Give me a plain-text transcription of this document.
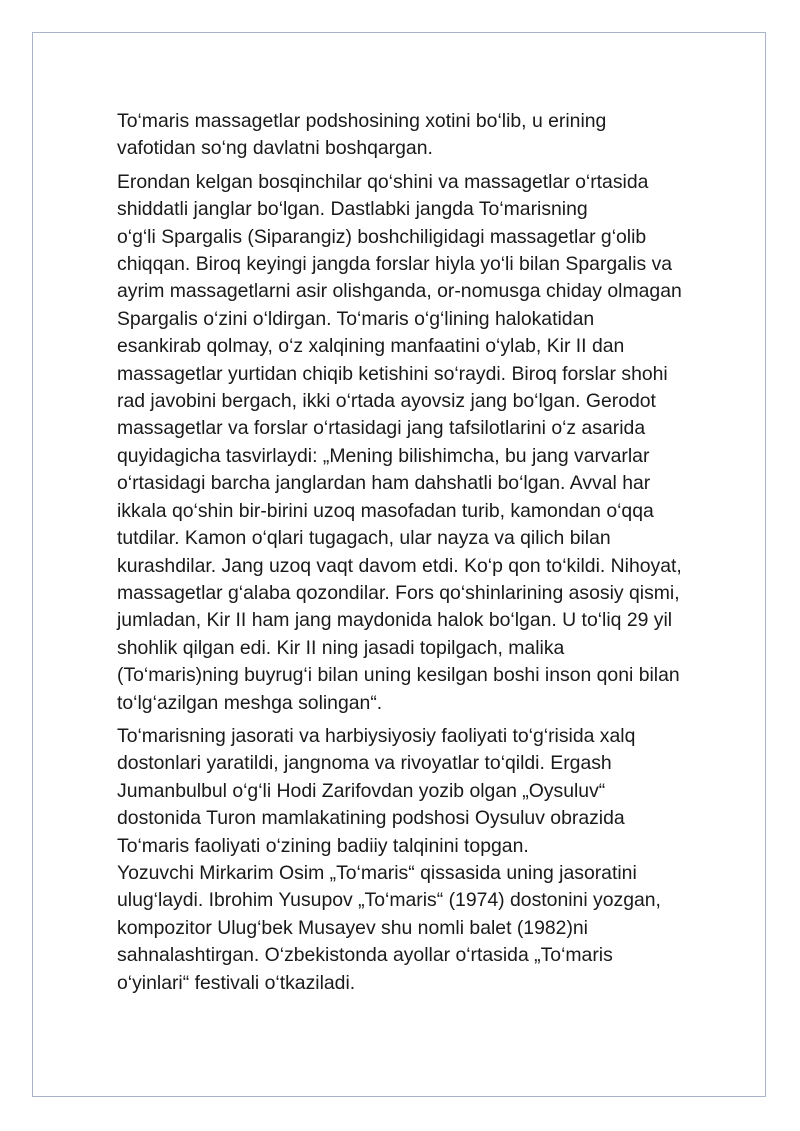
To‘maris massagetlar podshosining xotini bo‘lib, u erining
vafotidan so‘ng davlatni boshqargan.

Erondan kelgan bosqinchilar qo‘shini va massagetlar o‘rtasida
shiddatli janglar bo‘lgan. Dastlabki jangda To‘marisning
o‘g‘li Spargalis (Siparangiz) boshchiligidagi massagetlar g‘olib
chiqqan. Biroq keyingi jangda forslar hiyla yo‘li bilan Spargalis va
ayrim massagetlarni asir olishganda, or-nomusga chiday olmagan
Spargalis o‘zini o‘ldirgan. To‘maris o‘g‘lining halokatidan
esankirab qolmay, o‘z xalqining manfaatini o‘ylab, Kir II dan
massagetlar yurtidan chiqib ketishini so‘raydi. Biroq forslar shohi
rad javobini bergach, ikki o‘rtada ayovsiz jang bo‘lgan. Gerodot
massagetlar va forslar o‘rtasidagi jang tafsilotlarini o‘z asarida
quyidagicha tasvirlaydi: „Mening bilishimcha, bu jang varvarlar
o‘rtasidagi barcha janglardan ham dahshatli bo‘lgan. Avval har
ikkala qo‘shin bir-birini uzoq masofadan turib, kamondan o‘qqa
tutdilar. Kamon o‘qlari tugagach, ular nayza va qilich bilan
kurashdilar. Jang uzoq vaqt davom etdi. Ko‘p qon to‘kildi. Nihoyat,
massagetlar g‘alaba qozondilar. Fors qo‘shinlarining asosiy qismi,
jumladan, Kir II ham jang maydonida halok bo‘lgan. U to‘liq 29 yil
shohlik qilgan edi. Kir II ning jasadi topilgach, malika
(To‘maris)ning buyrug‘i bilan uning kesilgan boshi inson qoni bilan
to‘lg‘azilgan meshga solingan“.

To‘marisning jasorati va harbiysiyosiy faoliyati to‘g‘risida xalq
dostonlari yaratildi, jangnoma va rivoyatlar to‘qildi. Ergash
Jumanbulbul o‘g‘li Hodi Zarifovdan yozib olgan „Oysuluv“
dostonida Turon mamlakatining podshosi Oysuluv obrazida
To‘maris faoliyati o‘zining badiiy talqinini topgan.
Yozuvchi Mirkarim Osim „To‘maris“ qissasida uning jasoratini
ulug‘laydi. Ibrohim Yusupov „To‘maris“ (1974) dostonini yozgan,
kompozitor Ulug‘bek Musayev shu nomli balet (1982)ni
sahnalashtirgan. O‘zbekistonda ayollar o‘rtasida „To‘maris
o‘yinlari“ festivali o‘tkaziladi.
